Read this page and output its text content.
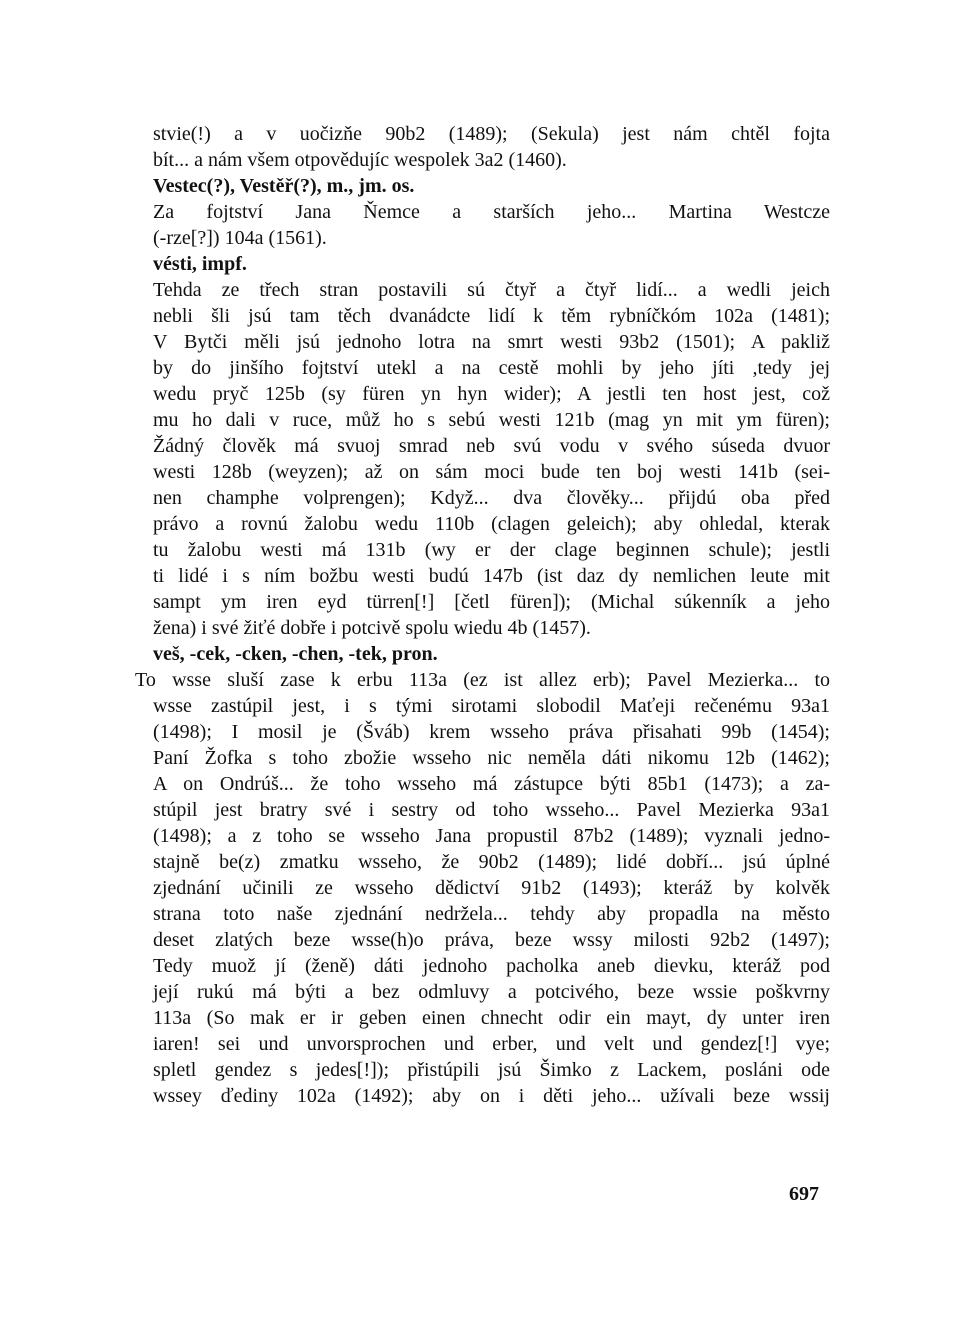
stvie(!) a v uočizňe 90b2 (1489); (Sekula) jest nám chtěl fojta
bít... a nám všem otpovědujíc wespolek 3a2 (1460).
Vestec(?), Vestěř(?), m., jm. os.
Za fojtství Jana Ňemce a starších jeho... Martina Westcze
(-rze[?]) 104a (1561).
vésti, impf.
Tehda ze třech stran postavili sú čtyř a čtyř lidí... a wedli jeich
nebli šli jsú tam těch dvanádcte lidí k těm rybníčkóm 102a (1481);
V Bytči měli jsú jednoho lotra na smrt westi 93b2 (1501); A pakliž
by do jinšího fojtství utekl a na cestě mohli by jeho jíti ,tedy jej
wedu pryč 125b (sy füren yn hyn wider); A jestli ten host jest, což
mu ho dali v ruce, můž ho s sebú westi 121b (mag yn mit ym füren);
Žádný člověk má svuoj smrad neb svú vodu v svého súseda dvuor
westi 128b (weyzen); až on sám moci bude ten boj westi 141b (sei-
nen champhe volprengen); Když... dva člověky... přijdú oba před
právo a rovnú žalobu wedu 110b (clagen geleich); aby ohledal, kterak
tu žalobu westi má 131b (wy er der clage beginnen schule); jestli
ti lidé i s ním božbu westi budú 147b (ist daz dy nemlichen leute mit
sampt ym iren eyd türren[!] [četl füren]); (Michal súkenník a jeho
žena) i své žiťé dobře i potcivě spolu wiedu 4b (1457).
veš, -cek, -cken, -chen, -tek, pron.
To wsse sluší zase k erbu 113a (ez ist allez erb); Pavel Mezierka... to
wsse zastúpil jest, i s tými sirotami slobodil Maťeji rečenému 93a1
(1498); I mosil je (Šváb) krem wsseho práva přisahati 99b (1454);
Paní Žofka s toho zbožie wsseho nic neměla dáti nikomu 12b (1462);
A on Ondrúš... že toho wsseho má zástupce býti 85b1 (1473); a za-
stúpil jest bratry své i sestry od toho wsseho... Pavel Mezierka 93a1
(1498); a z toho se wsseho Jana propustil 87b2 (1489); vyznali jedno-
stajně be(z) zmatku wsseho, že 90b2 (1489); lidé dobří... jsú úplné
zjednání učinili ze wsseho dědictví 91b2 (1493); kteráž by kolvěk
strana toto naše zjednání nedržela... tehdy aby propadla na město
deset zlatých beze wsse(h)o práva, beze wssy milosti 92b2 (1497);
Tedy muož jí (ženě) dáti jednoho pacholka aneb dievku, kteráž pod
její rukú má býti a bez odmluvy a potcivého, beze wssie poškvrny
113a (So mak er ir geben einen chnecht odir ein mayt, dy unter iren
iaren! sei und unvorsprochen und erber, und velt und gendez[!] vye;
spletl gendez s jedes[!]); přistúpili jsú Šimko z Lackem, posláni ode
wssey ďediny 102a (1492); aby on i děti jeho... užívali beze wssij
697
